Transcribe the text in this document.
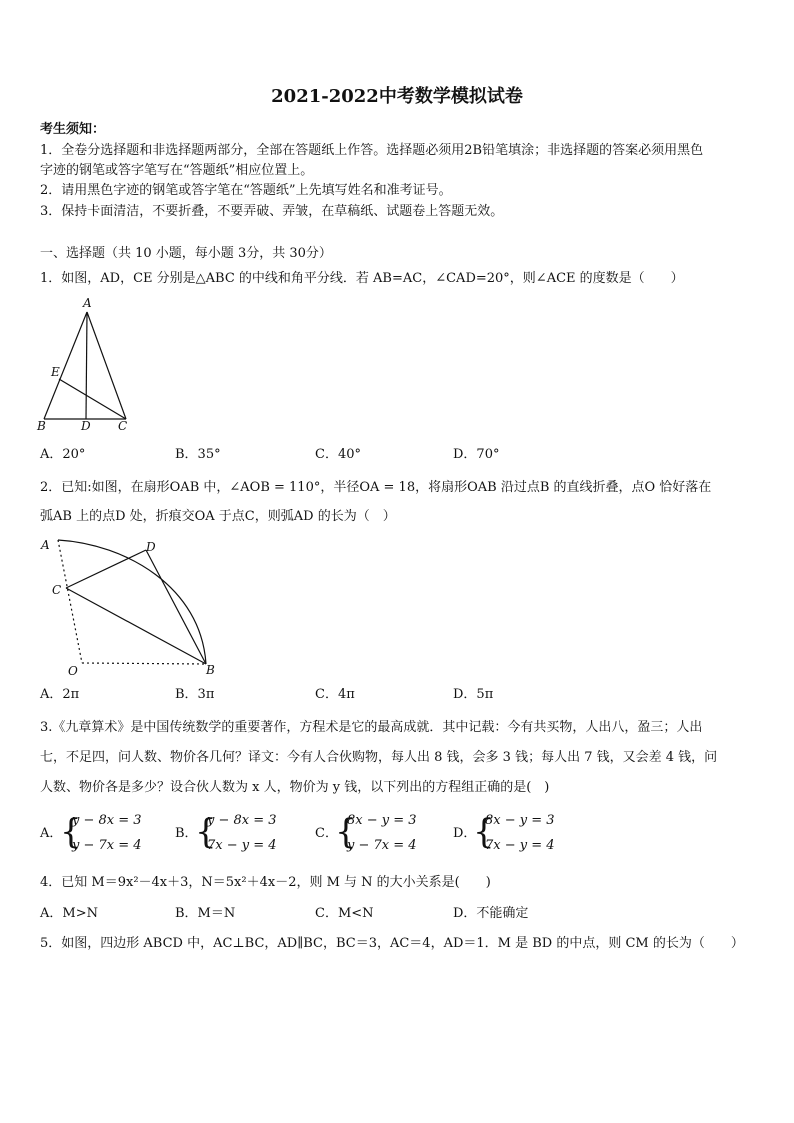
2021-2022中考数学模拟试卷
考生须知：
1．全卷分选择题和非选择题两部分，全部在答题纸上作答。选择题必须用2B铅笔填涂；非选择题的答案必须用黑色
字迹的钢笔或答字笔写在“答题纸”相应位置上。
2．请用黑色字迹的钢笔或答字笔在“答题纸”上先填写姓名和准考证号。
3．保持卡面清洁，不要折叠，不要弄破、弄皱，在草稿纸、试题卷上答题无效。
一、选择题（共 10 小题，每小题 3分，共 30分）
1．如图，AD，CE 分别是△ABC 的中线和角平分线．若 AB=AC，∠CAD=20°，则∠ACE 的度数是（　　）
A
E
B	D C
A．20°	B．35°	C．40°	D．70°
2．已知:如图，在扇形OAB 中，∠AOB = 110°，半径OA = 18，将扇形OAB 沿过点B 的直线折叠，点O 恰好落在
弧AB 上的点D 处，折痕交OA 于点C，则弧AD 的长为（　）
A	D
C
O	B
A．2π	B．3π	C．4π	D．5π
3.《九章算术》是中国传统数学的重要著作，方程术是它的最高成就．其中记载：今有共买物，人出八，盈三；人出
七，不足四，问人数、物价各几何？译文：今有人合伙购物，每人出 8 钱，会多 3 钱；每人出 7 钱，又会差 4 钱，问
人数、物价各是多少？设合伙人数为 x 人，物价为 y 钱，以下列出的方程组正确的是(　)
A．
{
y − 8x = 3
y − 7x = 4
B．
{
y − 8x = 3
7x − y = 4
C．
{
8x − y = 3
y − 7x = 4
D．
{
8x − y = 3
7x − y = 4
4．已知 M＝9x²－4x＋3，N＝5x²＋4x－2，则 M 与 N 的大小关系是(　　)
A．M>N	B．M＝N	C．M<N	D．不能确定
5．如图，四边形 ABCD 中，AC⊥BC，AD∥BC，BC＝3，AC＝4，AD＝1．M 是 BD 的中点，则 CM 的长为（　　）
